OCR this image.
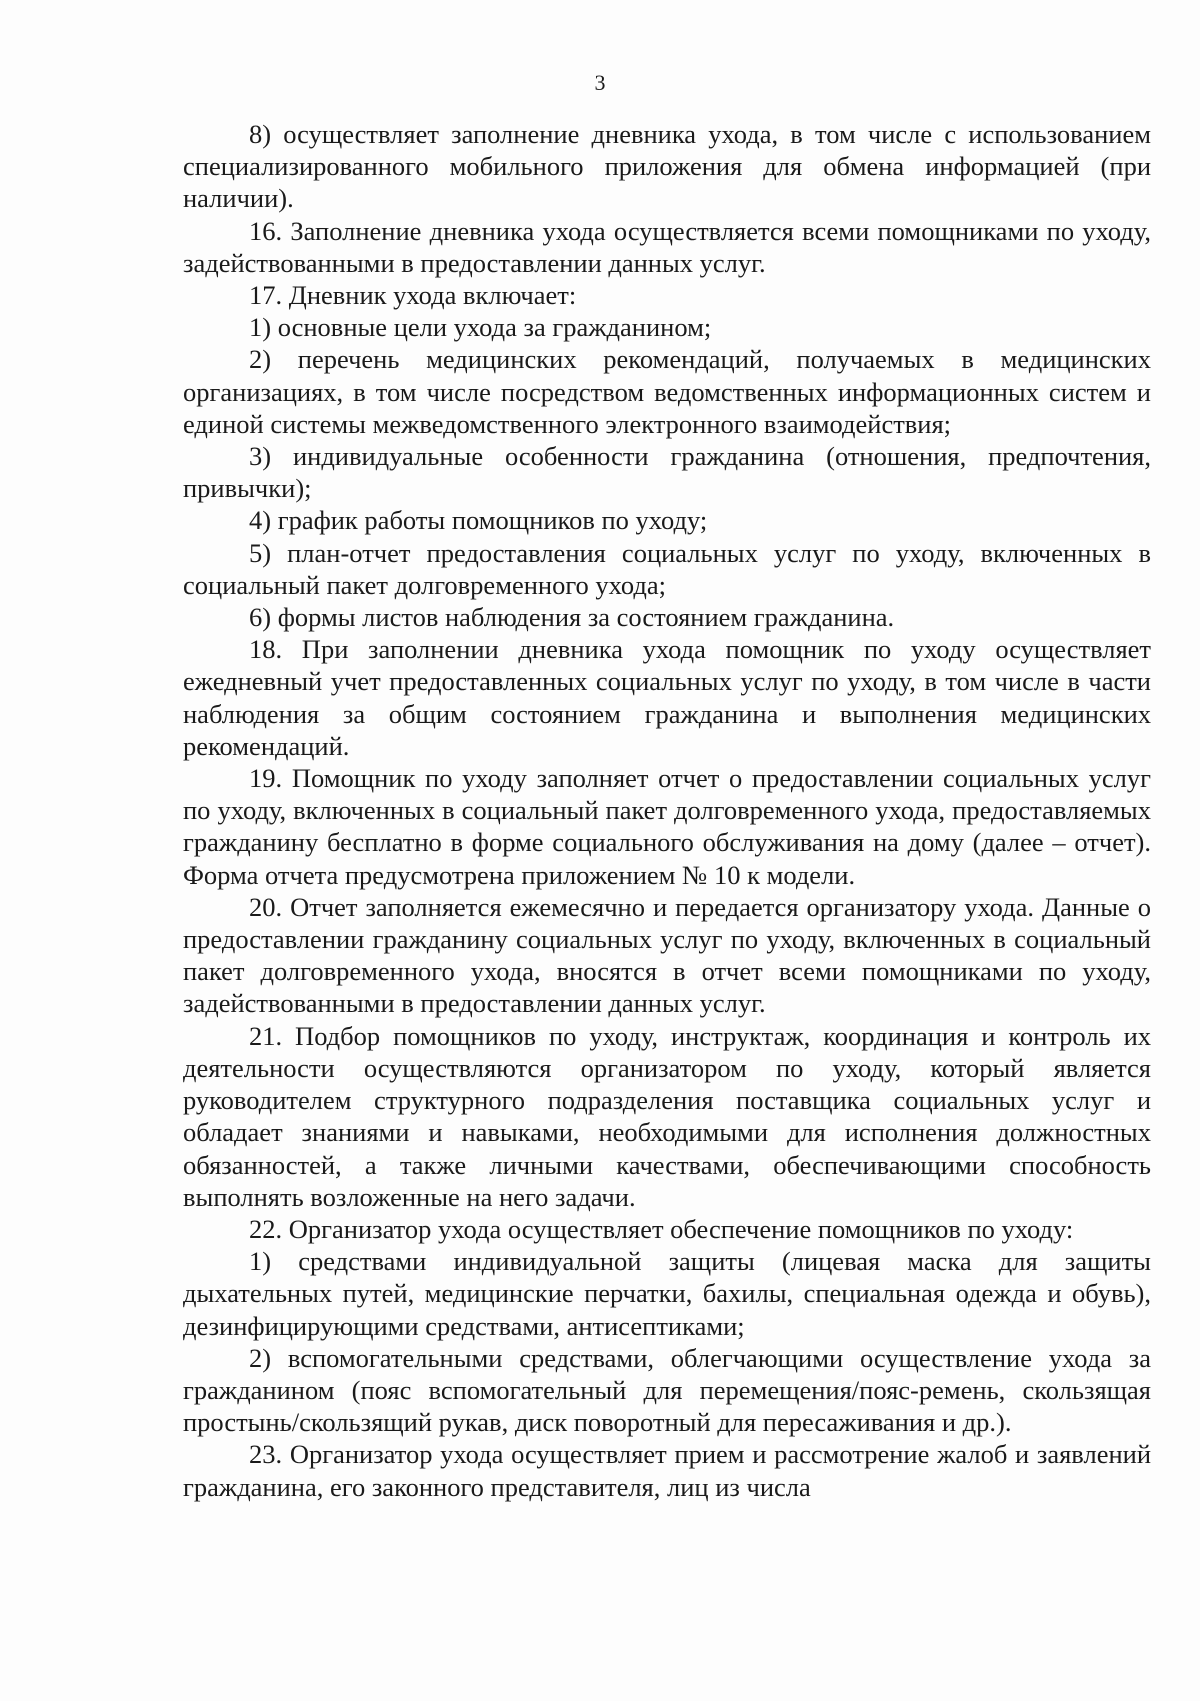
3

8) осуществляет заполнение дневника ухода, в том числе с использованием специализированного мобильного приложения для обмена информацией (при наличии).

16. Заполнение дневника ухода осуществляется всеми помощниками по уходу, задействованными в предоставлении данных услуг.

17. Дневник ухода включает:

1) основные цели ухода за гражданином;

2) перечень медицинских рекомендаций, получаемых в медицинских организациях, в том числе посредством ведомственных информационных систем и единой системы межведомственного электронного взаимодействия;

3) индивидуальные особенности гражданина (отношения, предпочтения, привычки);

4) график работы помощников по уходу;

5) план-отчет предоставления социальных услуг по уходу, включенных в социальный пакет долговременного ухода;

6) формы листов наблюдения за состоянием гражданина.

18. При заполнении дневника ухода помощник по уходу осуществляет ежедневный учет предоставленных социальных услуг по уходу, в том числе в части наблюдения за общим состоянием гражданина и выполнения медицинских рекомендаций.

19. Помощник по уходу заполняет отчет о предоставлении социальных услуг по уходу, включенных в социальный пакет долговременного ухода, предоставляемых гражданину бесплатно в форме социального обслуживания на дому (далее – отчет). Форма отчета предусмотрена приложением № 10 к модели.

20. Отчет заполняется ежемесячно и передается организатору ухода. Данные о предоставлении гражданину социальных услуг по уходу, включенных в социальный пакет долговременного ухода, вносятся в отчет всеми помощниками по уходу, задействованными в предоставлении данных услуг.

21. Подбор помощников по уходу, инструктаж, координация и контроль их деятельности осуществляются организатором по уходу, который является руководителем структурного подразделения поставщика социальных услуг и обладает знаниями и навыками, необходимыми для исполнения должностных обязанностей, а также личными качествами, обеспечивающими способность выполнять возложенные на него задачи.

22. Организатор ухода осуществляет обеспечение помощников по уходу:

1) средствами индивидуальной защиты (лицевая маска для защиты дыхательных путей, медицинские перчатки, бахилы, специальная одежда и обувь), дезинфицирующими средствами, антисептиками;

2) вспомогательными средствами, облегчающими осуществление ухода за гражданином (пояс вспомогательный для перемещения/пояс-ремень, скользящая простынь/скользящий рукав, диск поворотный для пересаживания и др.).

23. Организатор ухода осуществляет прием и рассмотрение жалоб и заявлений гражданина, его законного представителя, лиц из числа
